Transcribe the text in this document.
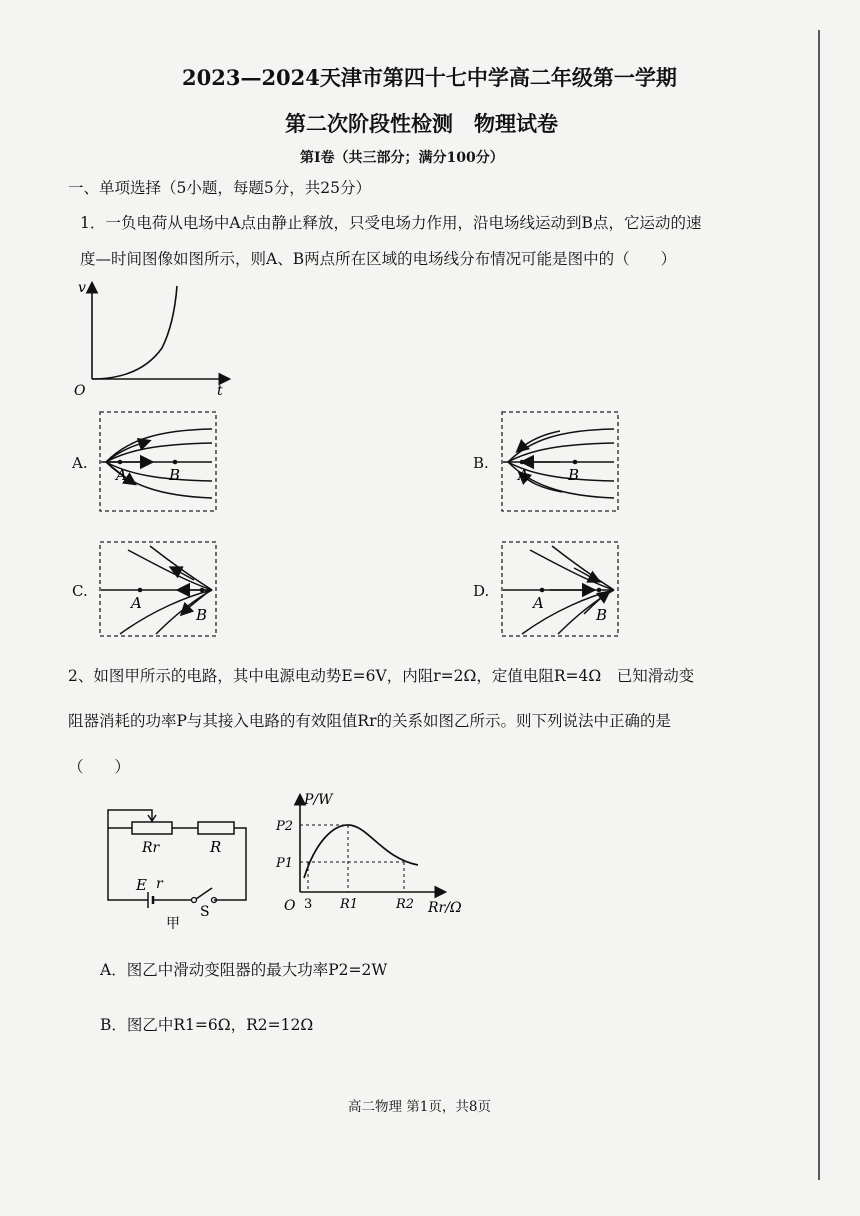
2023—2024天津市第四十七中学高二年级第一学期
第二次阶段性检测　物理试卷
第Ⅰ卷（共三部分；满分100分）
一、单项选择（5小题，每题5分，共25分）
1．一负电荷从电场中A点由静止释放，只受电场力作用，沿电场线运动到B点，它运动的速
度—时间图像如图所示，则A、B两点所在区域的电场线分布情况可能是图中的（　　）
v
t
O
A.
A	B
B.
A	B
C.
A
B
D.
A
B
2、如图甲所示的电路，其中电源电动势E=6V，内阻r=2Ω，定值电阻R=4Ω　已知滑动变
阻器消耗的功率P与其接入电路的有效阻值Rr的关系如图乙所示。则下列说法中正确的是
（　　）
Rr	R
E r
S
甲
P/W
Rr/Ω
O 3 R1	R2
P2
P1
A．图乙中滑动变阻器的最大功率P2=2W
B．图乙中R1=6Ω，R2=12Ω
高二物理 第1页，共8页
